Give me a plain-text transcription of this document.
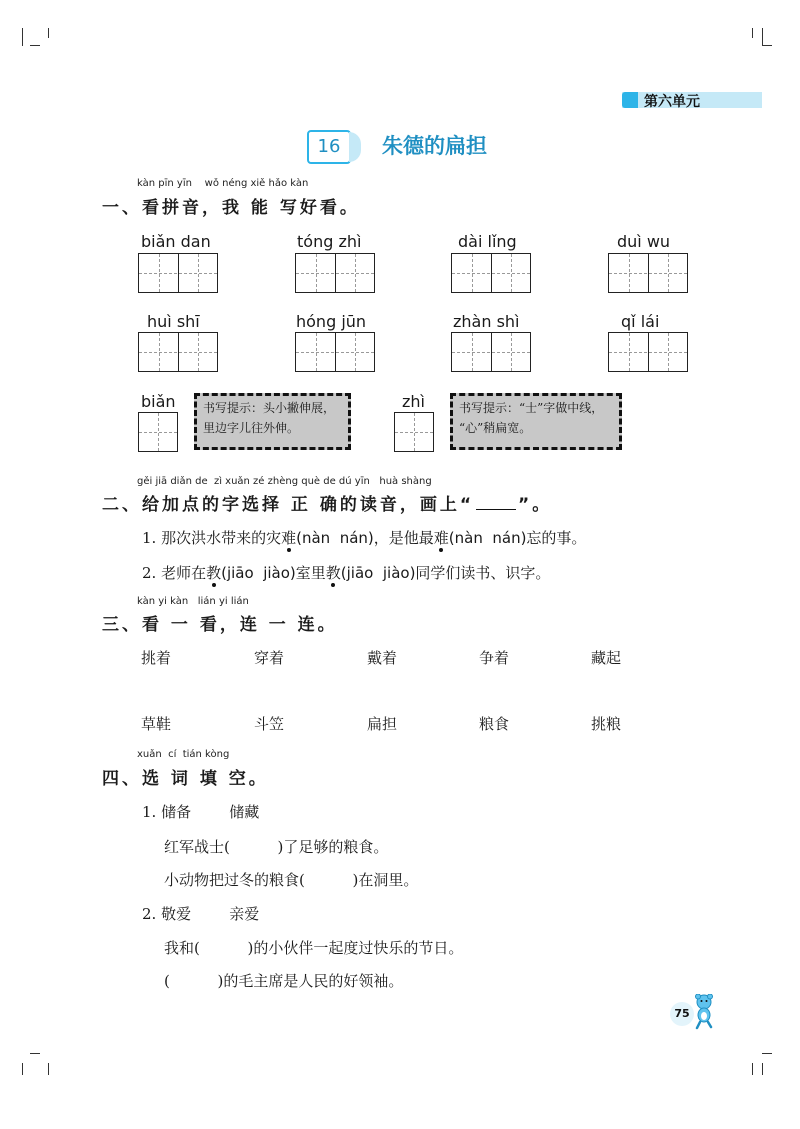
第六单元
16	朱德的扁担
kàn pīn yīn    wǒ néng xiě hǎo kàn
一、看拼音，我 能 写好看。
biǎn dan	tóng zhì	dài lǐng	duì wu
huì shī	hóng jūn	zhàn shì	qǐ lái
biǎn 书写提示：头小撇伸展，
里边字儿往外伸。
zhì	书写提示：“士”字做中线，
“心”稍扁宽。
gěi jiā diǎn de  zì xuǎn zé zhèng què de dú yīn   huà shàng
二、给加点的字选择 正 确的读音，画上“	”。
1. 那次洪水带来的灾难(nàn  nán)，是他最难(nàn  nán)忘的事。
2. 老师在教(jiāo  jiào)室里教(jiāo  jiào)同学们读书、识字。
kàn yi kàn   lián yi lián
三、看 一 看，连 一 连。
挑着	穿着	戴着	争着	藏起
草鞋	斗笠	扁担	粮食	挑粮
xuǎn  cí  tián kòng
四、选 词 填 空。
1. 储备        储藏
红军战士(          )了足够的粮食。
小动物把过冬的粮食(          )在洞里。
2. 敬爱        亲爱
我和(          )的小伙伴一起度过快乐的节日。
(          )的毛主席是人民的好领袖。
75
